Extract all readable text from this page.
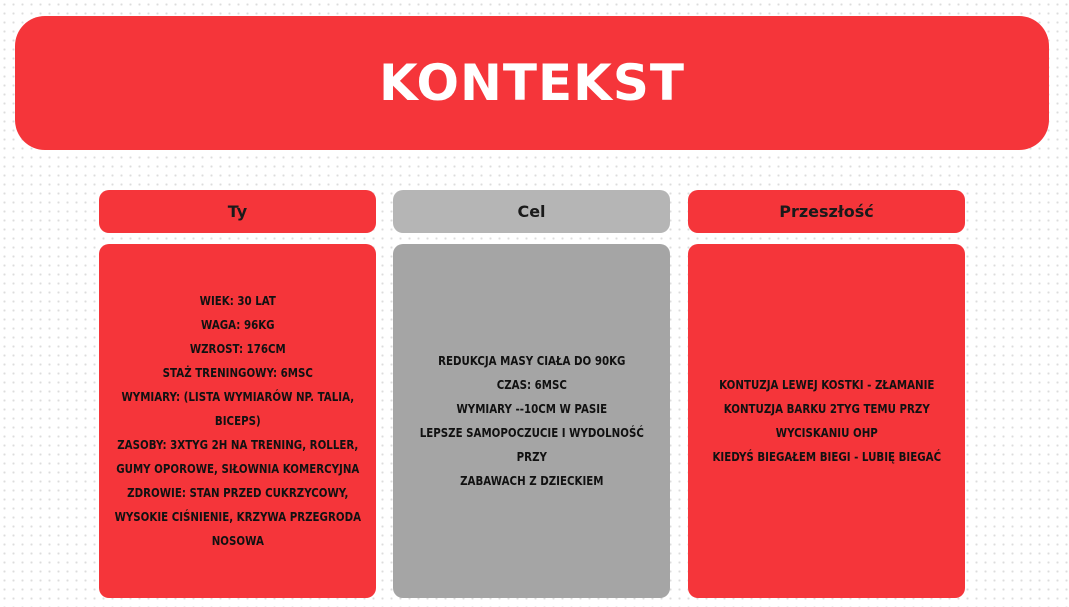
KONTEKST
Ty
WIEK: 30 LAT
WAGA: 96KG
WZROST: 176CM
STAŻ TRENINGOWY: 6MSC
WYMIARY: (LISTA WYMIARÓW NP. TALIA,
BICEPS)
ZASOBY: 3XTYG 2H NA TRENING, ROLLER,
GUMY OPOROWE, SIŁOWNIA KOMERCYJNA
ZDROWIE: STAN PRZED CUKRZYCOWY,
WYSOKIE CIŚNIENIE, KRZYWA PRZEGRODA
NOSOWA
Cel
REDUKCJA MASY CIAŁA DO 90KG
CZAS: 6MSC
WYMIARY --10CM W PASIE
LEPSZE SAMOPOCZUCIE I WYDOLNOŚĆ PRZY
ZABAWACH Z DZIECKIEM
Przeszłość
KONTUZJA LEWEJ KOSTKI - ZŁAMANIE
KONTUZJA BARKU 2TYG TEMU PRZY
WYCISKANIU OHP
KIEDYŚ BIEGAŁEM BIEGI - LUBIĘ BIEGAĆ
